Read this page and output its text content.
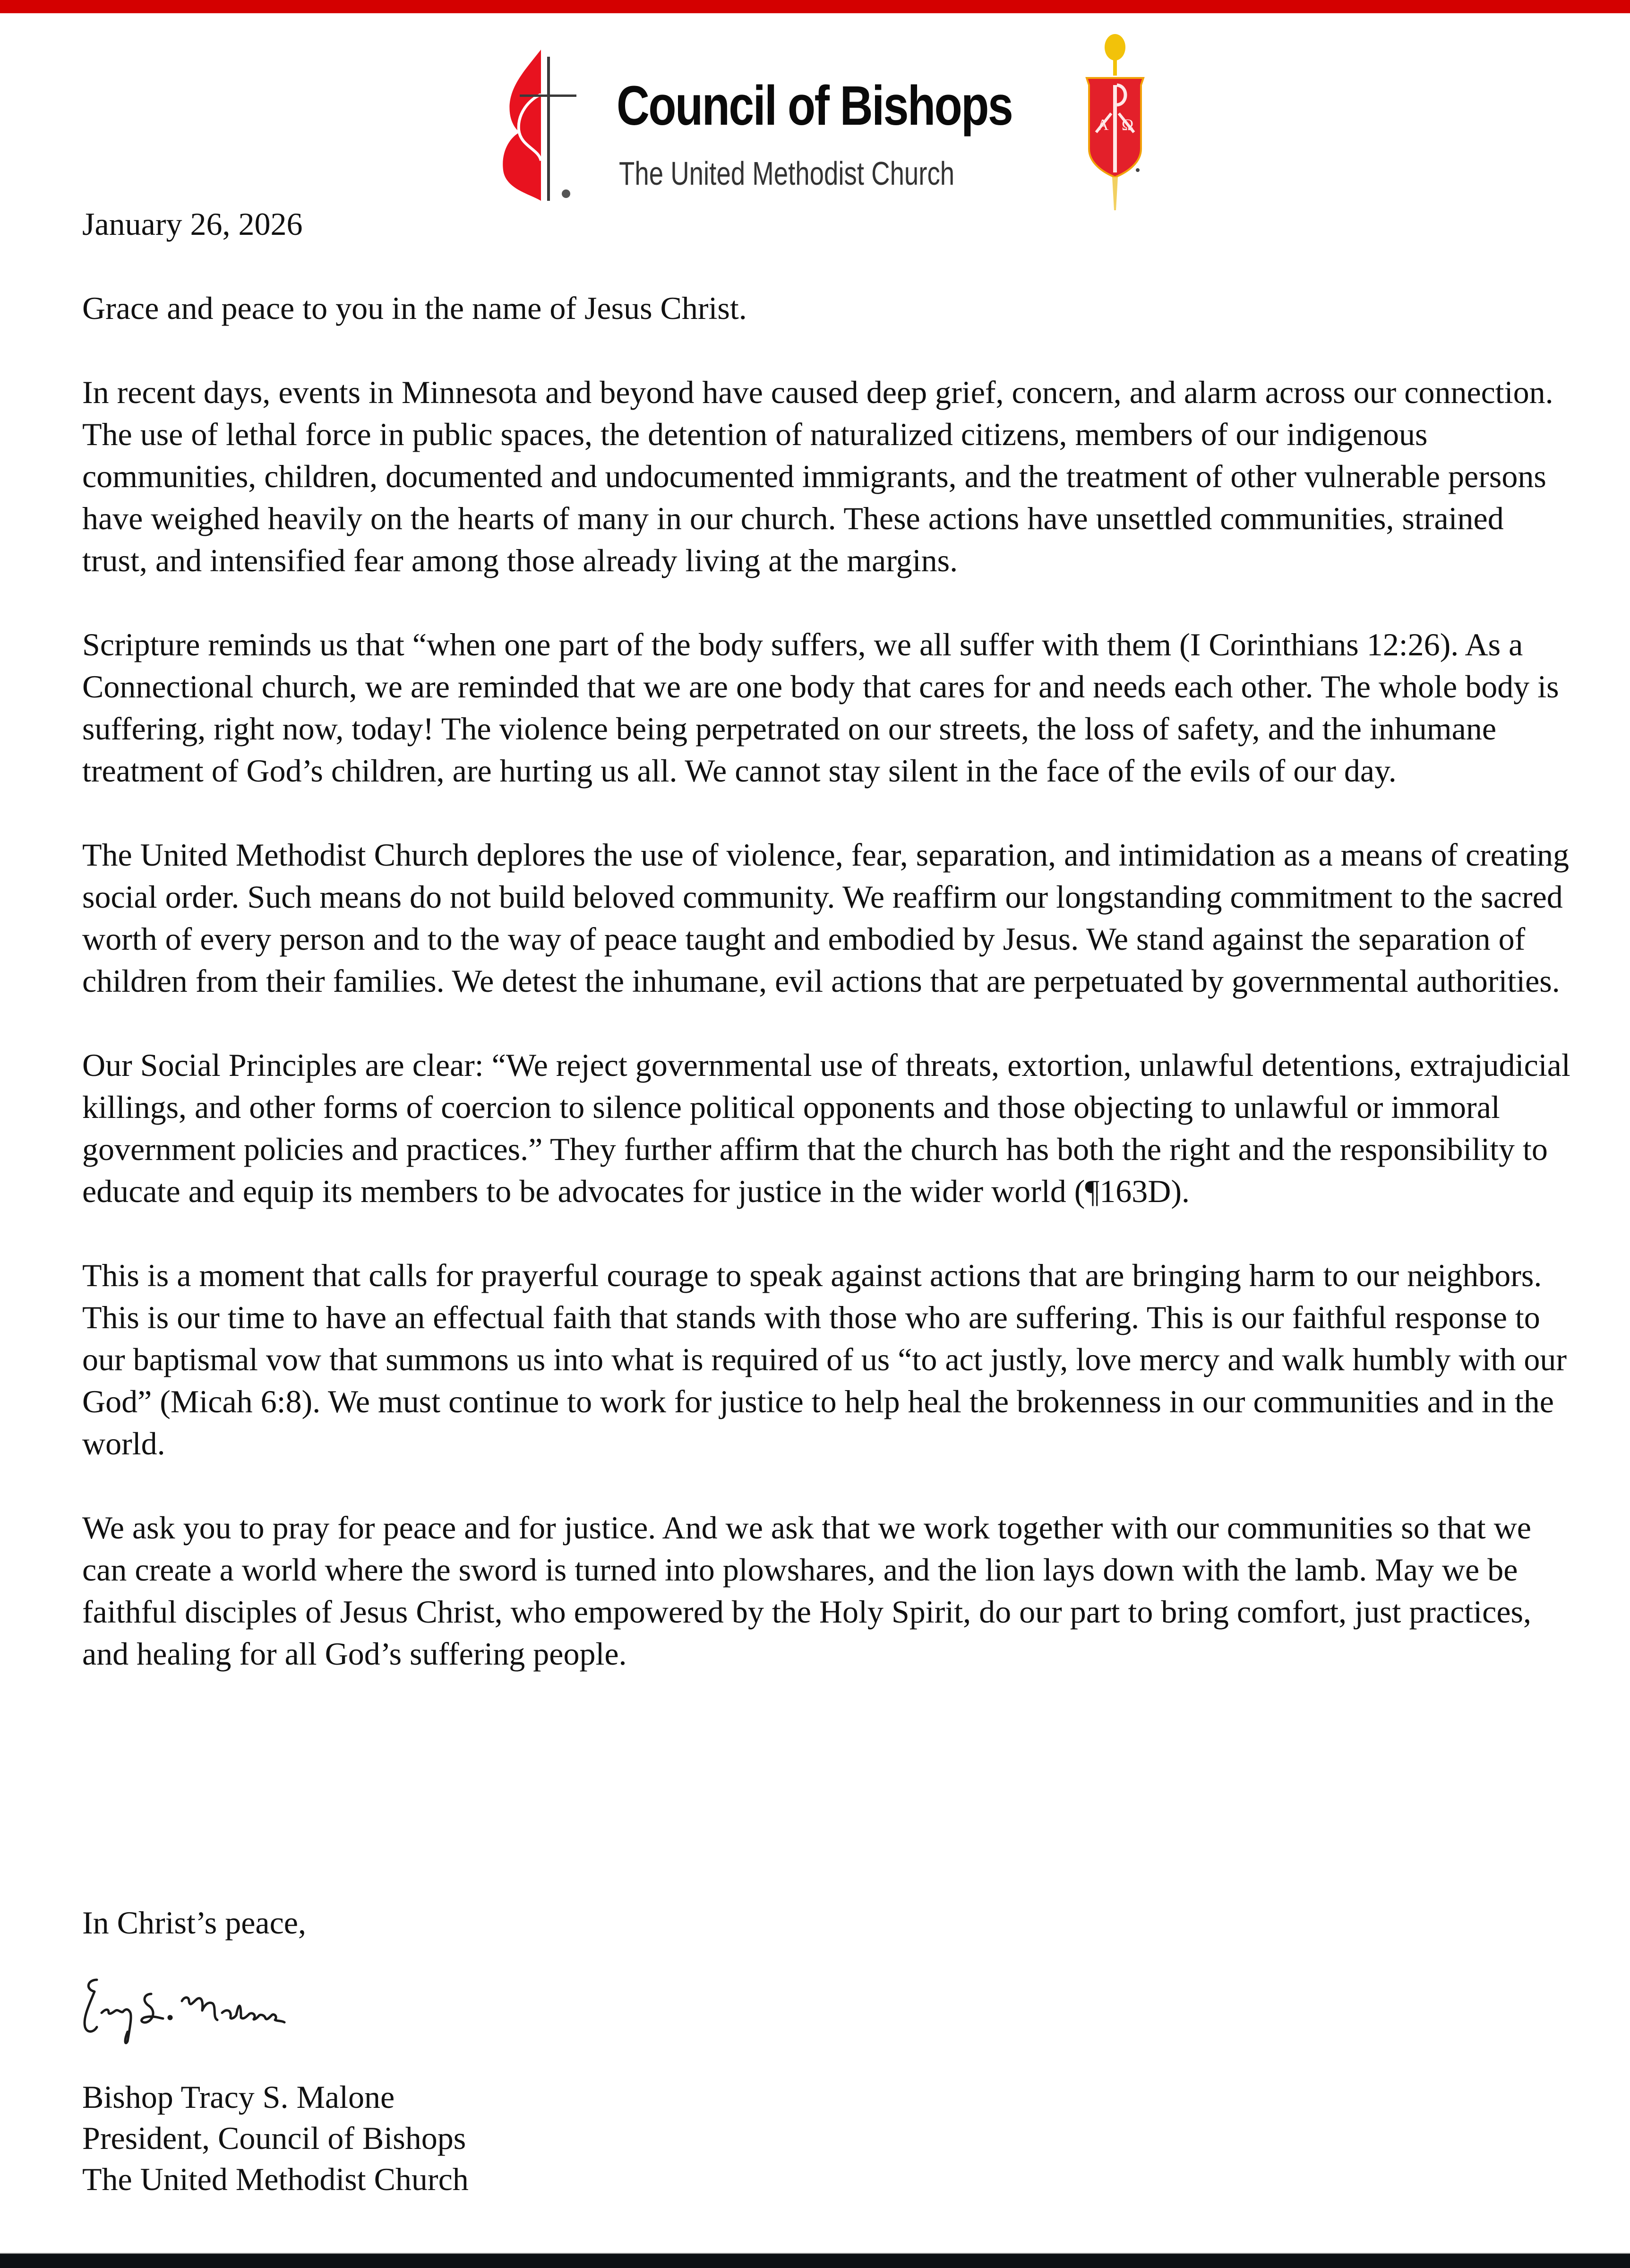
Council of Bishops
The United Methodist Church
A Ω

January 26, 2026

Grace and peace to you in the name of Jesus Christ.

In recent days, events in Minnesota and beyond have caused deep grief, concern, and alarm across our connection. The use of lethal force in public spaces, the detention of naturalized citizens, members of our indigenous communities, children, documented and undocumented immigrants, and the treatment of other vulnerable persons have weighed heavily on the hearts of many in our church. These actions have unsettled communities, strained trust, and intensified fear among those already living at the margins.

Scripture reminds us that “when one part of the body suffers, we all suffer with them (I Corinthians 12:26). As a Connectional church, we are reminded that we are one body that cares for and needs each other. The whole body is suffering, right now, today! The violence being perpetrated on our streets, the loss of safety, and the inhumane treatment of God’s children, are hurting us all. We cannot stay silent in the face of the evils of our day.

The United Methodist Church deplores the use of violence, fear, separation, and intimidation as a means of creating social order. Such means do not build beloved community. We reaffirm our longstanding commitment to the sacred worth of every person and to the way of peace taught and embodied by Jesus. We stand against the separation of children from their families. We detest the inhumane, evil actions that are perpetuated by governmental authorities.

Our Social Principles are clear: “We reject governmental use of threats, extortion, unlawful detentions, extrajudicial killings, and other forms of coercion to silence political opponents and those objecting to unlawful or immoral government policies and practices.” They further affirm that the church has both the right and the responsibility to educate and equip its members to be advocates for justice in the wider world (¶163D).

This is a moment that calls for prayerful courage to speak against actions that are bringing harm to our neighbors. This is our time to have an effectual faith that stands with those who are suffering. This is our faithful response to our baptismal vow that summons us into what is required of us “to act justly, love mercy and walk humbly with our God” (Micah 6:8). We must continue to work for justice to help heal the brokenness in our communities and in the world.

We ask you to pray for peace and for justice. And we ask that we work together with our communities so that we can create a world where the sword is turned into plowshares, and the lion lays down with the lamb. May we be faithful disciples of Jesus Christ, who empowered by the Holy Spirit, do our part to bring comfort, just practices, and healing for all God’s suffering people.

In Christ’s peace,
Bishop Tracy S. Malone
President, Council of Bishops
The United Methodist Church
